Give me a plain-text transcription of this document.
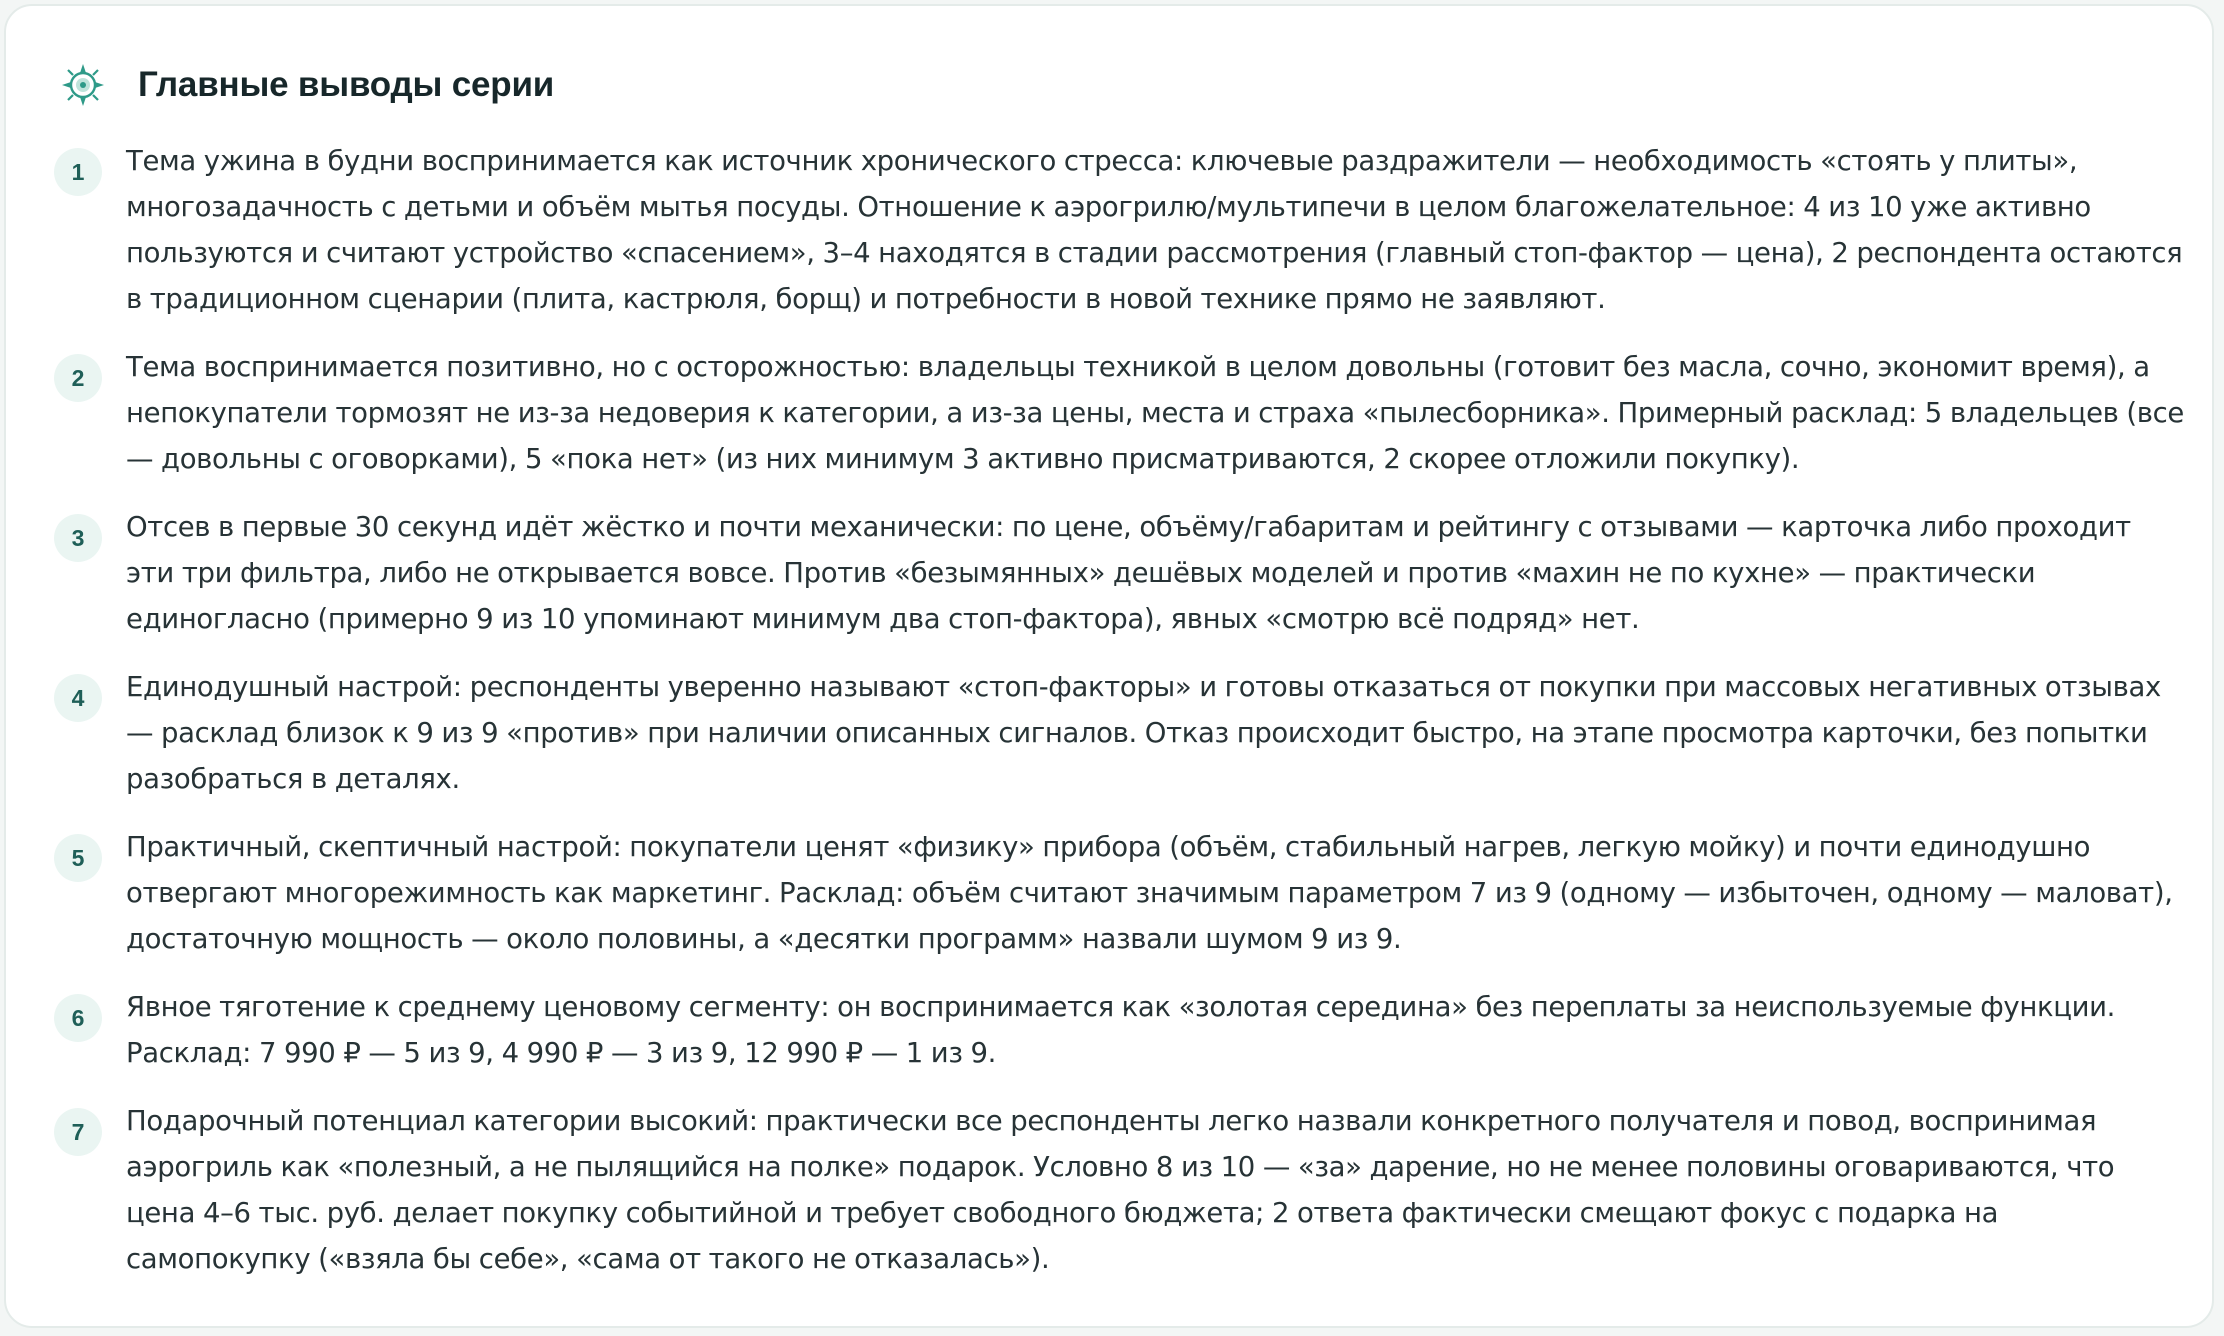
Главные выводы серии
1	Тема ужина в будни воспринимается как источник хронического стресса: ключевые раздражители — необходимость «стоять у плиты», многозадачность с детьми и объём мытья посуды. Отношение к аэрогрилю/мультипечи в целом благожелательное: 4 из 10 уже активно пользуются и считают устройство «спасением», 3–4 находятся в стадии рассмотрения (главный стоп-фактор — цена), 2 респондента остаются в традиционном сценарии (плита, кастрюля, борщ) и потребности в новой технике прямо не заявляют.
2	Тема воспринимается позитивно, но с осторожностью: владельцы техникой в целом довольны (готовит без масла, сочно, экономит время), а непокупатели тормозят не из-за недоверия к категории, а из-за цены, места и страха «пылесборника». Примерный расклад: 5 владельцев (все — довольны с оговорками), 5 «пока нет» (из них минимум 3 активно присматриваются, 2 скорее отложили покупку).
3	Отсев в первые 30 секунд идёт жёстко и почти механически: по цене, объёму/габаритам и рейтингу с отзывами — карточка либо проходит эти три фильтра, либо не открывается вовсе. Против «безымянных» дешёвых моделей и против «махин не по кухне» — практически единогласно (примерно 9 из 10 упоминают минимум два стоп-фактора), явных «смотрю всё подряд» нет.
4	Единодушный настрой: респонденты уверенно называют «стоп-факторы» и готовы отказаться от покупки при массовых негативных отзывах — расклад близок к 9 из 9 «против» при наличии описанных сигналов. Отказ происходит быстро, на этапе просмотра карточки, без попытки разобраться в деталях.
5	Практичный, скептичный настрой: покупатели ценят «физику» прибора (объём, стабильный нагрев, легкую мойку) и почти единодушно отвергают многорежимность как маркетинг. Расклад: объём считают значимым параметром 7 из 9 (одному — избыточен, одному — маловат), достаточную мощность — около половины, а «десятки программ» назвали шумом 9 из 9.
6	Явное тяготение к среднему ценовому сегменту: он воспринимается как «золотая середина» без переплаты за неиспользуемые функции. Расклад: 7 990 ₽ — 5 из 9, 4 990 ₽ — 3 из 9, 12 990 ₽ — 1 из 9.
7	Подарочный потенциал категории высокий: практически все респонденты легко назвали конкретного получателя и повод, воспринимая аэрогриль как «полезный, а не пылящийся на полке» подарок. Условно 8 из 10 — «за» дарение, но не менее половины оговариваются, что цена 4–6 тыс. руб. делает покупку событийной и требует свободного бюджета; 2 ответа фактически смещают фокус с подарка на самопокупку («взяла бы себе», «сама от такого не отказалась»).
